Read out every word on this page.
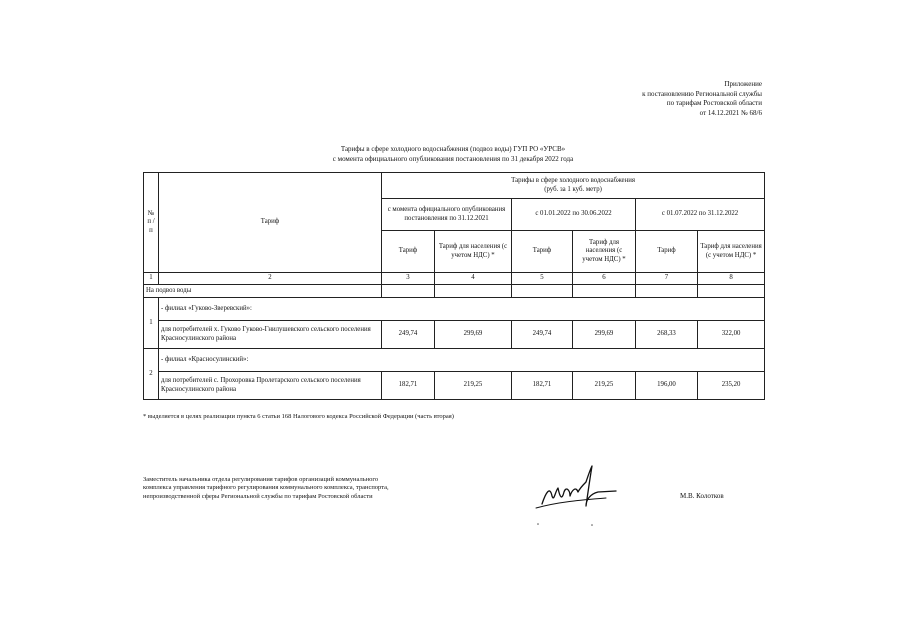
Приложение
к постановлению Региональной службы
по тарифам Ростовской области
от 14.12.2021 № 68/6
Тарифы в сфере холодного водоснабжения (подвоз воды) ГУП РО «УРСВ»
с момента официального опубликования постановления по 31 декабря 2022 года
№ п /п	Тариф	Тарифы в сфере холодного водоснабжения
(руб. за 1 куб. метр)					

		с момента официального опубликования постановления по 31.12.2021		с 01.01.2022 по 30.06.2022		с 01.07.2022 по 31.12.2022	
		Тариф	Тариф для населения (с учетом НДС) *	Тариф	Тариф для населения (с учетом НДС) *	Тариф	Тариф для населения (с учетом НДС) *
1	2	3	4	5	6	7	8
На подвоз воды							
1	- филиал «Гуково-Зверевский»:						
	для потребителей х. Гуково Гуково-Гнилушевского сельского поселения Красносулинского района	249,74	299,69	249,74	299,69	268,33	322,00
2	- филиал «Красносулинский»:						
	для потребителей с. Прохоровка Пролетарского сельского поселения Красносулинского района	182,71	219,25	182,71	219,25	196,00	235,20
* выделяется в целях реализации пункта 6 статьи 168 Налогового кодекса Российской Федерации (часть вторая)
Заместитель начальника отдела регулирования тарифов организаций коммунального
комплекса управления тарифного регулирования коммунального комплекса, транспорта,
непроизводственной сферы Региональной службы по тарифам Ростовской области	М.В. Колотков
